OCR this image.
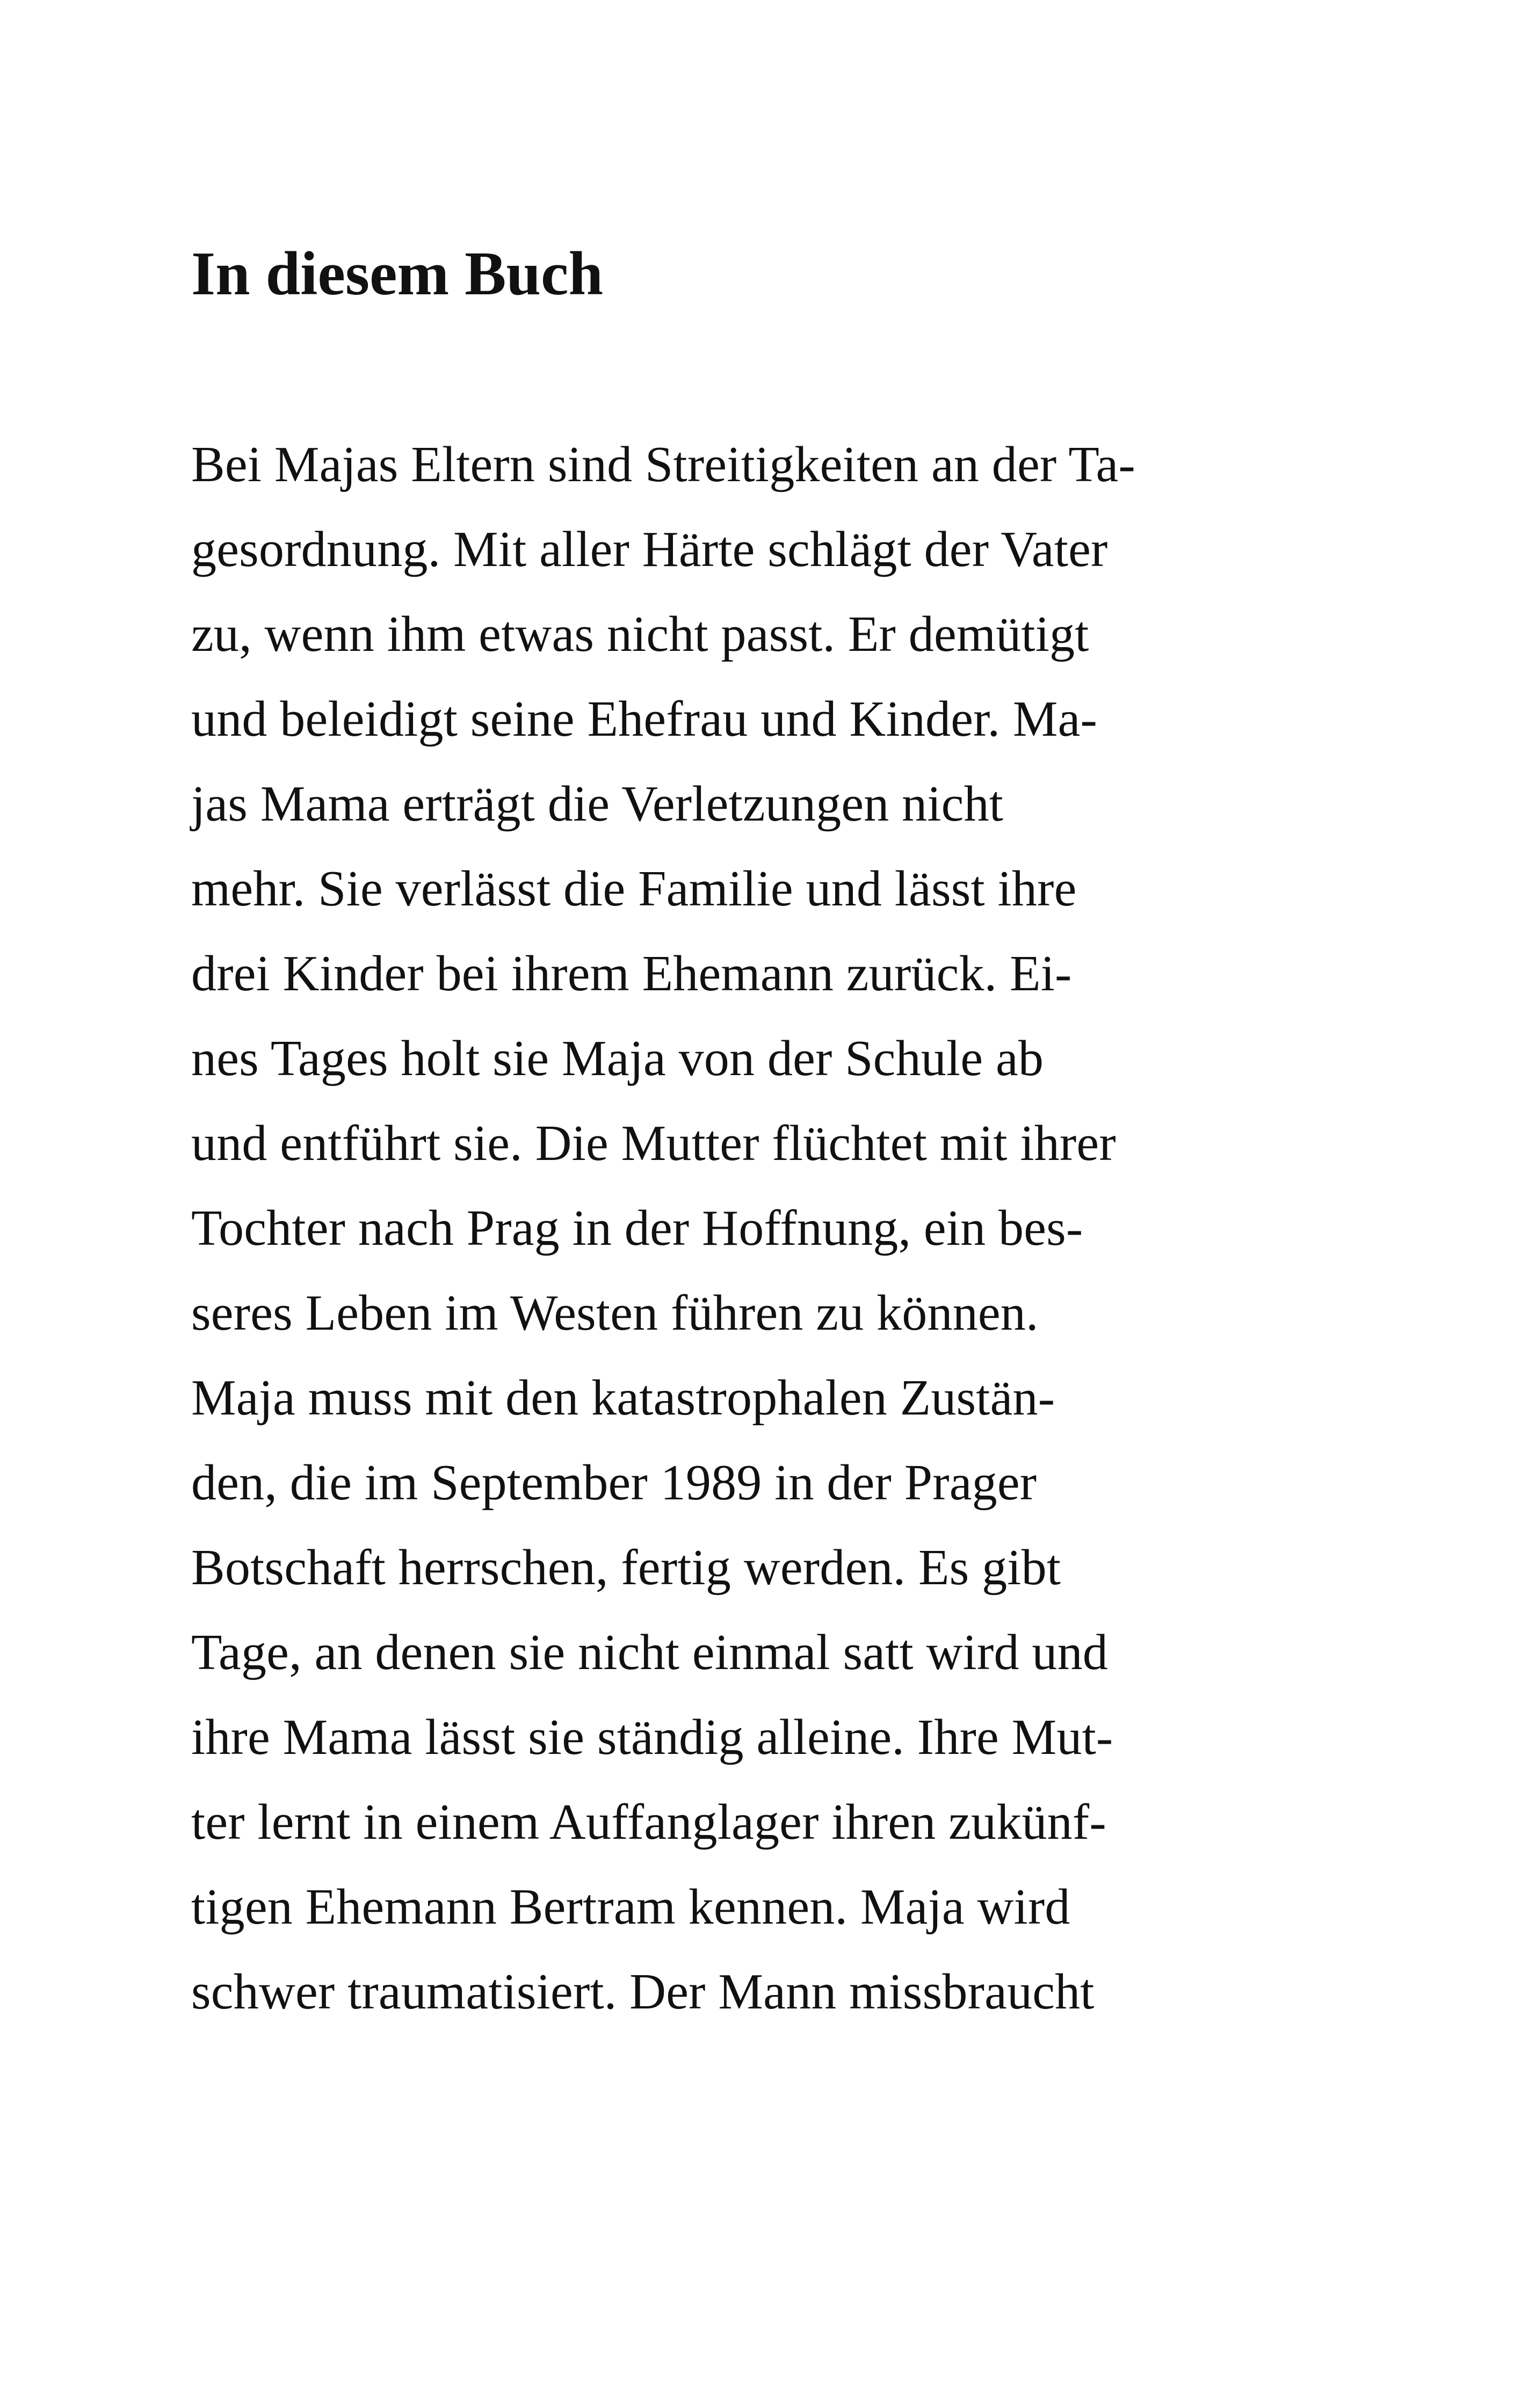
In diesem Buch
Bei Majas Eltern sind Streitigkeiten an der Ta-
gesordnung. Mit aller Härte schlägt der Vater
zu, wenn ihm etwas nicht passt. Er demütigt
und beleidigt seine Ehefrau und Kinder. Ma-
jas Mama erträgt die Verletzungen nicht
mehr. Sie verlässt die Familie und lässt ihre
drei Kinder bei ihrem Ehemann zurück. Ei-
nes Tages holt sie Maja von der Schule ab
und entführt sie. Die Mutter flüchtet mit ihrer
Tochter nach Prag in der Hoffnung, ein bes-
seres Leben im Westen führen zu können.
Maja muss mit den katastrophalen Zustän-
den, die im September 1989 in der Prager
Botschaft herrschen, fertig werden. Es gibt
Tage, an denen sie nicht einmal satt wird und
ihre Mama lässt sie ständig alleine. Ihre Mut-
ter lernt in einem Auffanglager ihren zukünf-
tigen Ehemann Bertram kennen. Maja wird
schwer traumatisiert. Der Mann missbraucht
